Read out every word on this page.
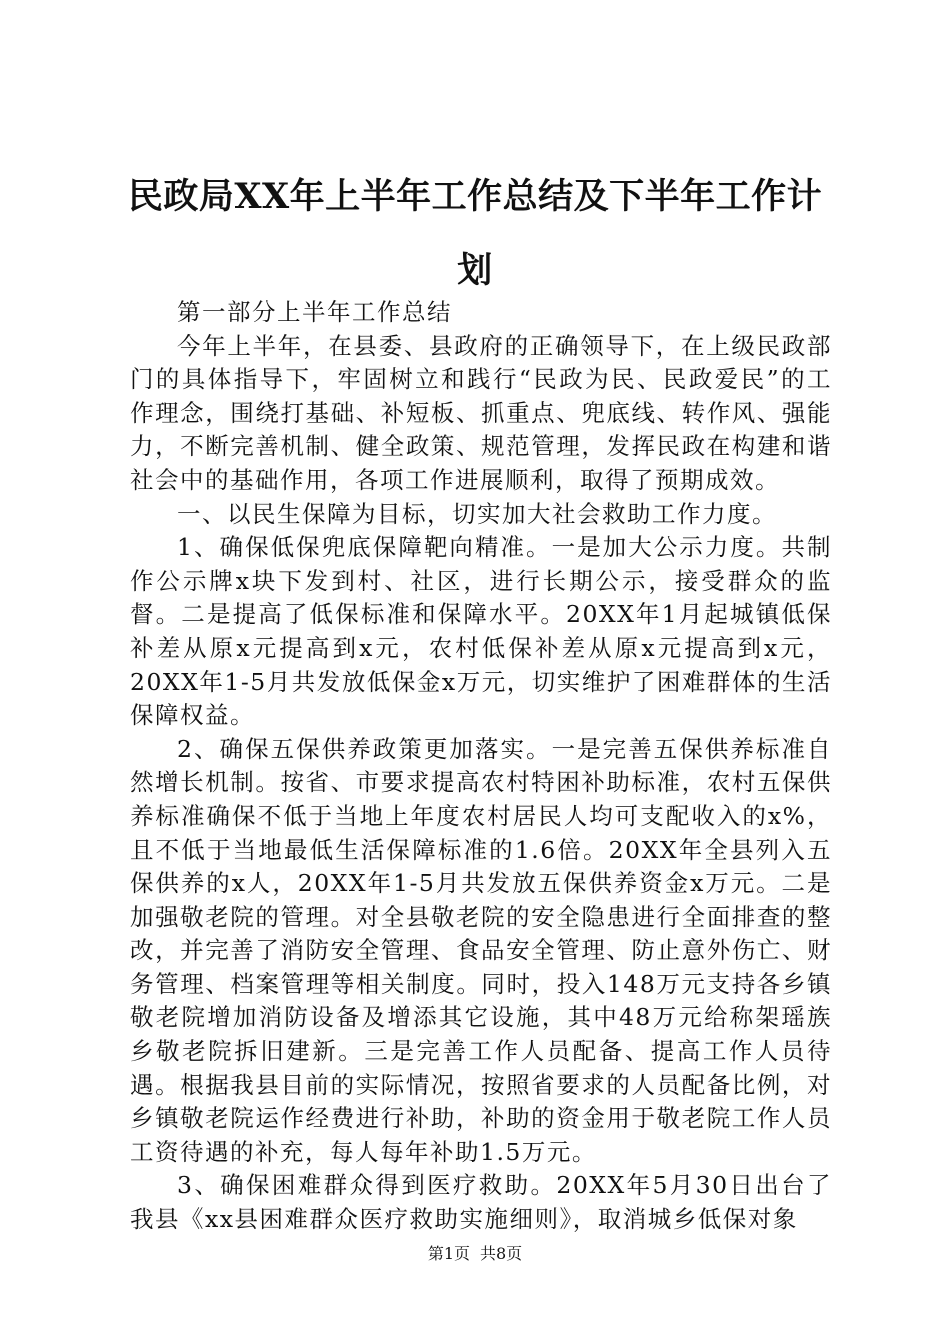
民政局XX年上半年工作总结及下半年工作计划

第一部分上半年工作总结

今年上半年，在县委、县政府的正确领导下，在上级民政部门的具体指导下，牢固树立和践行“民政为民、民政爱民”的工作理念，围绕打基础、补短板、抓重点、兜底线、转作风、强能力，不断完善机制、健全政策、规范管理，发挥民政在构建和谐社会中的基础作用，各项工作进展顺利，取得了预期成效。

一、以民生保障为目标，切实加大社会救助工作力度。

1、确保低保兜底保障靶向精准。一是加大公示力度。共制作公示牌x块下发到村、社区，进行长期公示，接受群众的监督。二是提高了低保标准和保障水平。20XX年1月起城镇低保补差从原x元提高到x元，农村低保补差从原x元提高到x元，20XX年1-5月共发放低保金x万元，切实维护了困难群体的生活保障权益。

2、确保五保供养政策更加落实。一是完善五保供养标准自然增长机制。按省、市要求提高农村特困补助标准，农村五保供养标准确保不低于当地上年度农村居民人均可支配收入的x%，且不低于当地最低生活保障标准的1.6倍。20XX年全县列入五保供养的x人，20XX年1-5月共发放五保供养资金x万元。二是加强敬老院的管理。对全县敬老院的安全隐患进行全面排查的整改，并完善了消防安全管理、食品安全管理、防止意外伤亡、财务管理、档案管理等相关制度。同时，投入148万元支持各乡镇敬老院增加消防设备及增添其它设施，其中48万元给称架瑶族乡敬老院拆旧建新。三是完善工作人员配备、提高工作人员待遇。根据我县目前的实际情况，按照省要求的人员配备比例，对乡镇敬老院运作经费进行补助，补助的资金用于敬老院工作人员工资待遇的补充，每人每年补助1.5万元。

3、确保困难群众得到医疗救助。20XX年5月30日出台了我县《xx县困难群众医疗救助实施细则》，取消城乡低保对象

第1页 共8页
